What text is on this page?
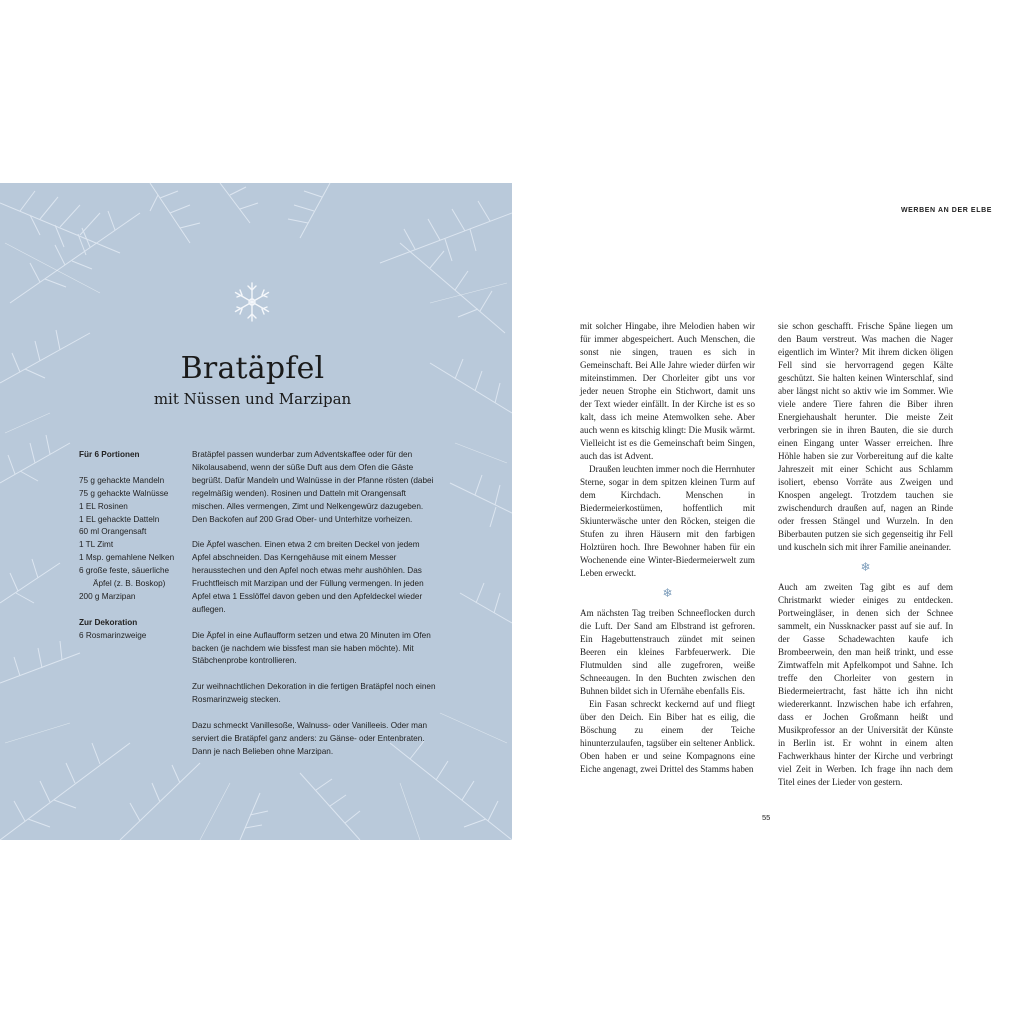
Bratäpfel
mit Nüssen und Marzipan
Für 6 Portionen
75 g gehackte Mandeln
75 g gehackte Walnüsse
1 EL Rosinen
1 EL gehackte Datteln
60 ml Orangensaft
1 TL Zimt
1 Msp. gemahlene Nelken
6 große feste, säuerliche
Äpfel (z. B. Boskop)
200 g Marzipan
Zur Dekoration
6 Rosmarinzweige

Bratäpfel passen wunderbar zum Adventskaffee oder für den Nikolausabend, wenn der süße Duft aus dem Ofen die Gäste begrüßt. Dafür Mandeln und Walnüsse in der Pfanne rösten (dabei regelmäßig wenden). Rosinen und Datteln mit Orangensaft mischen. Alles vermengen, Zimt und Nelkengewürz dazugeben. Den Backofen auf 200 Grad Ober- und Unterhitze vorheizen.

Die Äpfel waschen. Einen etwa 2 cm breiten Deckel von jedem Apfel abschneiden. Das Kerngehäuse mit einem Messer herausstechen und den Apfel noch etwas mehr aushöhlen. Das Fruchtfleisch mit Marzipan und der Füllung vermengen. In jeden Apfel etwa 1 Esslöffel davon geben und den Apfeldeckel wieder auflegen.

Die Äpfel in eine Auflaufform setzen und etwa 20 Minuten im Ofen backen (je nachdem wie bissfest man sie haben möchte). Mit Stäbchenprobe kontrollieren.

Zur weihnachtlichen Dekoration in die fertigen Bratäpfel noch einen Rosmarinzweig stecken.

Dazu schmeckt Vanillesoße, Walnuss- oder Vanilleeis. Oder man serviert die Bratäpfel ganz anders: zu Gänse- oder Entenbraten. Dann je nach Belieben ohne Marzipan.

WERBEN AN DER ELBE

mit solcher Hingabe, ihre Melodien haben wir für immer abgespeichert. Auch Menschen, die sonst nie singen, trauen es sich in Gemeinschaft. Bei Alle Jahre wieder dürfen wir miteinstimmen. Der Chorleiter gibt uns vor jeder neuen Strophe ein Stichwort, damit uns der Text wieder einfällt. In der Kirche ist es so kalt, dass ich meine Atemwolken sehe. Aber auch wenn es kitschig klingt: Die Musik wärmt. Vielleicht ist es die Gemeinschaft beim Singen, auch das ist Advent.

Draußen leuchten immer noch die Herrnhuter Sterne, sogar in dem spitzen kleinen Turm auf dem Kirchdach. Menschen in Biedermeierkostümen, hoffentlich mit Skiunterwäsche unter den Röcken, steigen die Stufen zu ihren Häusern mit den farbigen Holztüren hoch. Ihre Bewohner haben für ein Wochenende eine Winter-Biedermeierwelt zum Leben erweckt.

❄

Am nächsten Tag treiben Schneeflocken durch die Luft. Der Sand am Elbstrand ist gefroren. Ein Hagebuttenstrauch zündet mit seinen Beeren ein kleines Farbfeuerwerk. Die Flutmulden sind alle zugefroren, weiße Schneeaugen. In den Buchten zwischen den Buhnen bildet sich in Ufernähe ebenfalls Eis.

Ein Fasan schreckt keckernd auf und fliegt über den Deich. Ein Biber hat es eilig, die Böschung zu einem der Teiche hinunterzulaufen, tagsüber ein seltener Anblick. Oben haben er und seine Kompagnons eine Eiche angenagt, zwei Drittel des Stamms haben

sie schon geschafft. Frische Späne liegen um den Baum verstreut. Was machen die Nager eigentlich im Winter? Mit ihrem dicken öligen Fell sind sie hervorragend gegen Kälte geschützt. Sie halten keinen Winterschlaf, sind aber längst nicht so aktiv wie im Sommer. Wie viele andere Tiere fahren die Biber ihren Energiehaushalt herunter. Die meiste Zeit verbringen sie in ihren Bauten, die sie durch einen Eingang unter Wasser erreichen. Ihre Höhle haben sie zur Vorbereitung auf die kalte Jahreszeit mit einer Schicht aus Schlamm isoliert, ebenso Vorräte aus Zweigen und Knospen angelegt. Trotzdem tauchen sie zwischendurch draußen auf, nagen an Rinde oder fressen Stängel und Wurzeln. In den Biberbauten putzen sie sich gegenseitig ihr Fell und kuscheln sich mit ihrer Familie aneinander.

❄

Auch am zweiten Tag gibt es auf dem Christmarkt wieder einiges zu entdecken. Portweingläser, in denen sich der Schnee sammelt, ein Nussknacker passt auf sie auf. In der Gasse Schadewachten kaufe ich Brombeerwein, den man heiß trinkt, und esse Zimtwaffeln mit Apfelkompot und Sahne. Ich treffe den Chorleiter von gestern in Biedermeiertracht, fast hätte ich ihn nicht wiedererkannt. Inzwischen habe ich erfahren, dass er Jochen Großmann heißt und Musikprofessor an der Universität der Künste in Berlin ist. Er wohnt in einem alten Fachwerkhaus hinter der Kirche und verbringt viel Zeit in Werben. Ich frage ihn nach dem Titel eines der Lieder von gestern.

55
